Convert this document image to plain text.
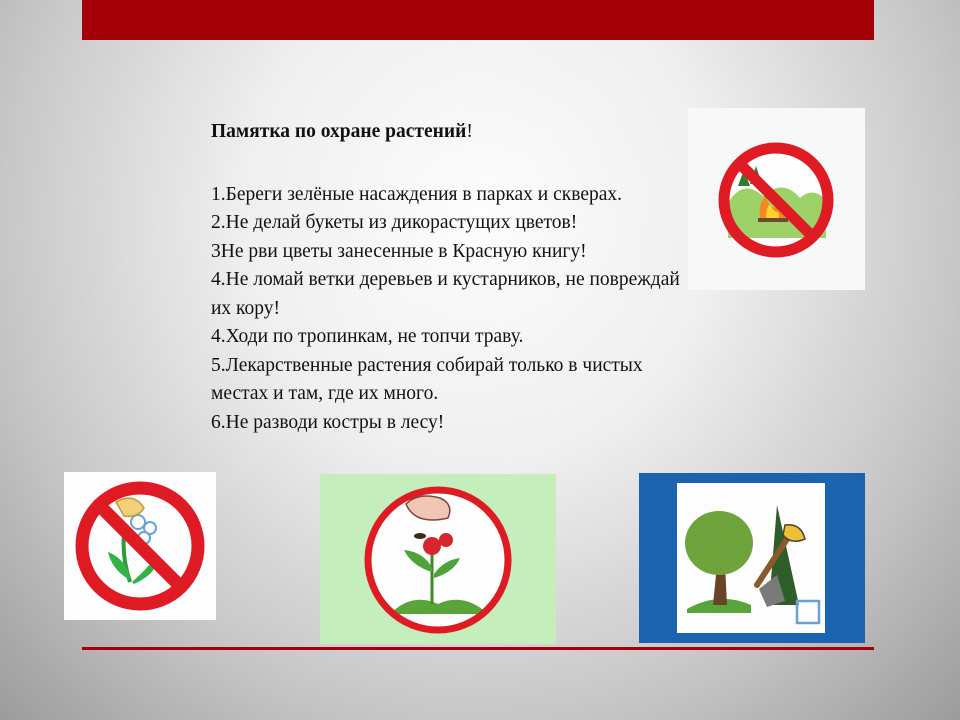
Памятка по охране растений!
1.Береги зелёные насаждения в парках и скверах.
2.Не делай букеты из дикорастущих цветов!
3Не рви цветы занесенные в Красную книгу!
4.Не ломай ветки деревьев и кустарников, не повреждай их кору!
4.Ходи по тропинкам, не топчи траву.
5.Лекарственные растения собирай только в чистых местах и там, где их много.
6.Не разводи костры в лесу!
